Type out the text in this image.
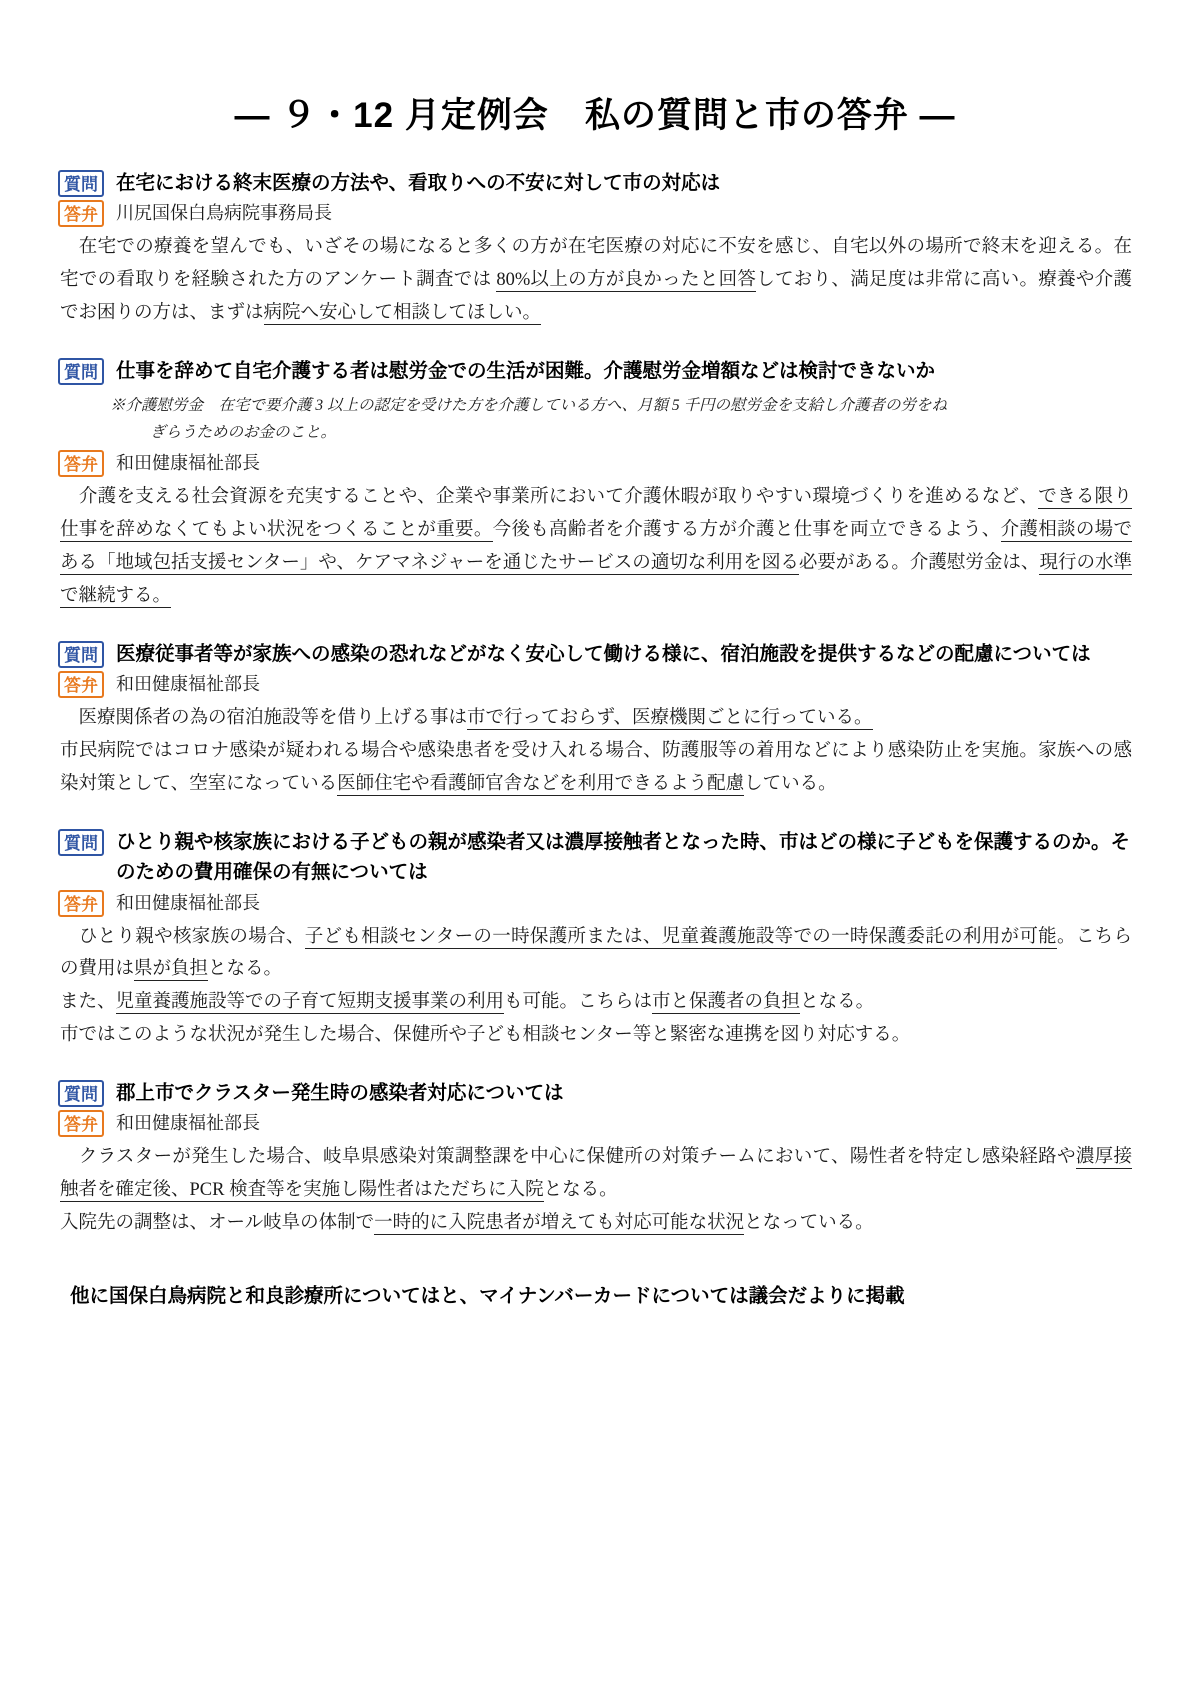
― ９・12 月定例会　私の質問と市の答弁 ―
質問 在宅における終末医療の方法や、看取りへの不安に対して市の対応は
答弁	川尻国保白鳥病院事務局長

　在宅での療養を望んでも、いざその場になると多くの方が在宅医療の対応に不安を感じ、自宅以外の場所で終末を迎える。在宅での看取りを経験された方のアンケート調査では 80%以上の方が良かったと回答しており、満足度は非常に高い。療養や介護でお困りの方は、まずは病院へ安心して相談してほしい。

質問 仕事を辞めて自宅介護する者は慰労金での生活が困難。介護慰労金増額などは検討できないか
※介護慰労金　在宅で要介護 3 以上の認定を受けた方を介護している方へ、月額 5 千円の慰労金を支給し介護者の労をね
ぎらうためのお金のこと。
答弁	和田健康福祉部長

　介護を支える社会資源を充実することや、企業や事業所において介護休暇が取りやすい環境づくりを進めるなど、できる限り仕事を辞めなくてもよい状況をつくることが重要。今後も高齢者を介護する方が介護と仕事を両立できるよう、介護相談の場である「地域包括支援センター」や、ケアマネジャーを通じたサービスの適切な利用を図る必要がある。介護慰労金は、現行の水準で継続する。

質問 医療従事者等が家族への感染の恐れなどがなく安心して働ける様に、宿泊施設を提供するなどの配慮については
答弁	和田健康福祉部長

　医療関係者の為の宿泊施設等を借り上げる事は市で行っておらず、医療機関ごとに行っている。

市民病院ではコロナ感染が疑われる場合や感染患者を受け入れる場合、防護服等の着用などにより感染防止を実施。家族への感染対策として、空室になっている医師住宅や看護師官舎などを利用できるよう配慮している。

質問 ひとり親や核家族における子どもの親が感染者又は濃厚接触者となった時、市はどの様に子どもを保護するのか。そのための費用確保の有無については
答弁	和田健康福祉部長

　ひとり親や核家族の場合、子ども相談センターの一時保護所または、児童養護施設等での一時保護委託の利用が可能。こちらの費用は県が負担となる。

また、児童養護施設等での子育て短期支援事業の利用も可能。こちらは市と保護者の負担となる。

市ではこのような状況が発生した場合、保健所や子ども相談センター等と緊密な連携を図り対応する。

質問 郡上市でクラスター発生時の感染者対応については
答弁	和田健康福祉部長

　クラスターが発生した場合、岐阜県感染対策調整課を中心に保健所の対策チームにおいて、陽性者を特定し感染経路や濃厚接触者を確定後、PCR 検査等を実施し陽性者はただちに入院となる。

入院先の調整は、オール岐阜の体制で一時的に入院患者が増えても対応可能な状況となっている。

他に国保白鳥病院と和良診療所についてはと、マイナンバーカードについては議会だよりに掲載
